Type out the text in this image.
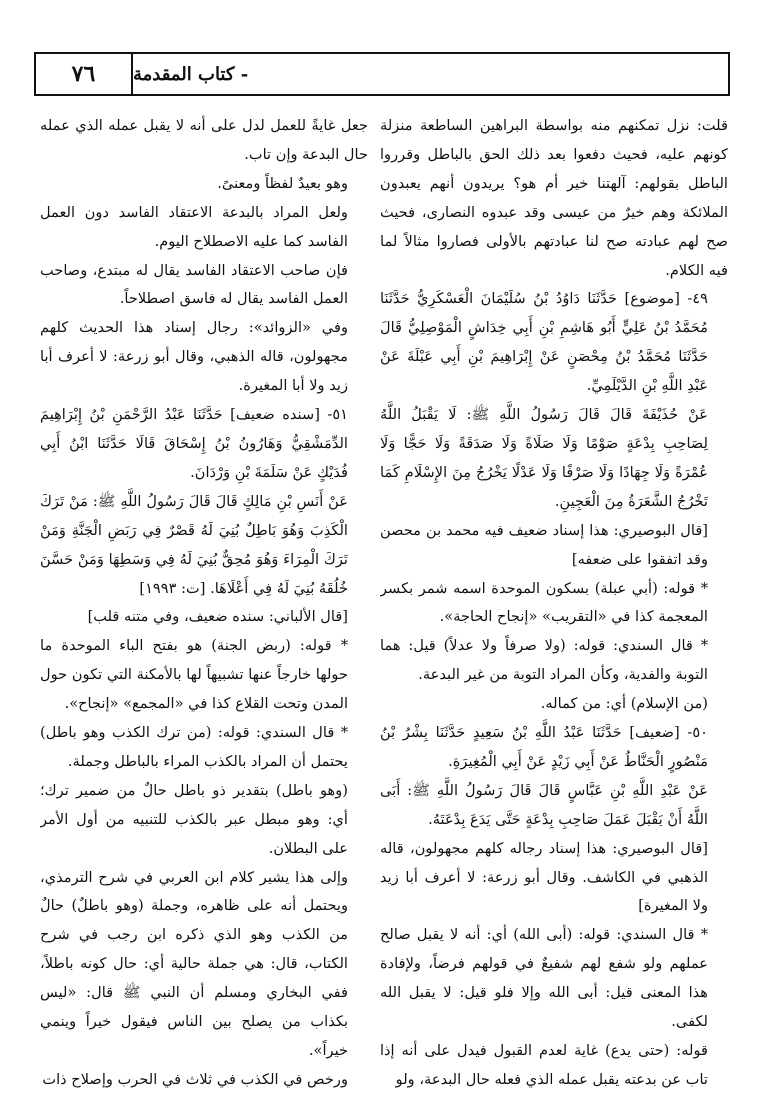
٧٦	- كتاب المقدمة

قلت: نزل تمكنهم منه بواسطة البراهين الساطعة منزلة كونهم عليه، فحيث دفعوا بعد ذلك الحق بالباطل وقرروا الباطل بقولهم: آلهتنا خير أم هو؟ يريدون أنهم يعبدون الملائكة وهم خيرٌ من عيسى وقد عبدوه النصارى، فحيث صح لهم عبادته صح لنا عبادتهم بالأولى فصاروا مثالاً لما فيه الكلام.

٤٩- [موضوع] حَدَّثَنَا دَاوُدُ بْنُ سُلَيْمَانَ الْعَسْكَرِيُّ حَدَّثَنَا مُحَمَّدُ بْنُ عَلِيٍّ أَبُو هَاشِمِ بْنِ أَبِي خِدَاشٍ الْمَوْصِلِيُّ قَالَ حَدَّثَنَا مُحَمَّدُ بْنُ مِحْصَنٍ عَنْ إِبْرَاهِيمَ بْنِ أَبِي عَبْلَةَ عَنْ عَبْدِ اللَّهِ بْنِ الدَّيْلَمِيِّ.

عَنْ حُذَيْفَةَ قَالَ قَالَ رَسُولُ اللَّهِ ﷺ: لَا يَقْبَلُ اللَّهُ لِصَاحِبِ بِدْعَةٍ صَوْمًا وَلَا صَلَاةً وَلَا صَدَقَةً وَلَا حَجًّا وَلَا عُمْرَةً وَلَا جِهَادًا وَلَا صَرْفًا وَلَا عَدْلًا يَخْرُجُ مِنَ الإِسْلَامِ كَمَا تَخْرُجُ الشَّعَرَةُ مِنَ الْعَجِينِ.

[قال البوصيري: هذا إسناد ضعيف فيه محمد بن محصن وقد اتفقوا على ضعفه]

* قوله: (أبي عبلة) بسكون الموحدة اسمه شمر بكسر المعجمة كذا في «التقريب» «إنجاح الحاجة».

* قال السندي: قوله: (ولا صرفاً ولا عدلاً) قيل: هما التوبة والفدية، وكأن المراد التوبة من غير البدعة.

(من الإسلام) أي: من كماله.

٥٠- [ضعيف] حَدَّثَنَا عَبْدُ اللَّهِ بْنُ سَعِيدٍ حَدَّثَنَا بِشْرُ بْنُ مَنْصُورٍ الْحَنَّاطُ عَنْ أَبِي زَيْدٍ عَنْ أَبِي الْمُغِيرَةِ.

عَنْ عَبْدِ اللَّهِ بْنِ عَبَّاسٍ قَالَ قَالَ رَسُولُ اللَّهِ ﷺ: أَبَى اللَّهُ أَنْ يَقْبَلَ عَمَلَ صَاحِبِ بِدْعَةٍ حَتَّى يَدَعَ بِدْعَتَهُ.

[قال البوصيري: هذا إسناد رجاله كلهم مجهولون، قاله الذهبي في الكاشف. وقال أبو زرعة: لا أعرف أبا زيد ولا المغيرة]

* قال السندي: قوله: (أبى الله) أي: أنه لا يقبل صالح عملهم ولو شفع لهم شفيعٌ في قولهم فرضاً، ولإفادة هذا المعنى قيل: أبى الله وإلا فلو قيل: لا يقبل الله لكفى.

قوله: (حتى يدع) غاية لعدم القبول فيدل على أنه إذا تاب عن بدعته يقبل عمله الذي فعله حال البدعة، ولو

جعل غايةً للعمل لدل على أنه لا يقبل عمله الذي عمله حال البدعة وإن تاب.

وهو بعيدٌ لفظاً ومعنىً.

ولعل المراد بالبدعة الاعتقاد الفاسد دون العمل الفاسد كما عليه الاصطلاح اليوم.

فإن صاحب الاعتقاد الفاسد يقال له مبتدع، وصاحب العمل الفاسد يقال له فاسق اصطلاحاً.

وفي «الزوائد»: رجال إسناد هذا الحديث كلهم مجهولون، قاله الذهبي، وقال أبو زرعة: لا أعرف أبا زيد ولا أبا المغيرة.

٥١- [سنده ضعيف] حَدَّثَنَا عَبْدُ الرَّحْمَنِ بْنُ إِبْرَاهِيمَ الدِّمَشْقِيُّ وَهَارُونُ بْنُ إِسْحَاقَ قَالَا حَدَّثَنَا ابْنُ أَبِي فُدَيْكٍ عَنْ سَلَمَةَ بْنِ وَرْدَانَ.

عَنْ أَنَسِ بْنِ مَالِكٍ قَالَ قَالَ رَسُولُ اللَّهِ ﷺ: مَنْ تَرَكَ الْكَذِبَ وَهُوَ بَاطِلٌ بُنِيَ لَهُ قَصْرٌ فِي رَبَضِ الْجَنَّةِ وَمَنْ تَرَكَ الْمِرَاءَ وَهُوَ مُحِقٌّ بُنِيَ لَهُ فِي وَسَطِهَا وَمَنْ حَسَّنَ خُلُقَهُ بُنِيَ لَهُ فِي أَعْلَاهَا. [ت: ١٩٩٣]

[قال الألباني: سنده ضعيف، وفي متنه قلب]

* قوله: (ربض الجنة) هو بفتح الباء الموحدة ما حولها خارجاً عنها تشبيهاً لها بالأمكنة التي تكون حول المدن وتحت القلاع كذا في «المجمع» «إنجاح».

* قال السندي: قوله: (من ترك الكذب وهو باطل) يحتمل أن المراد بالكذب المراء بالباطل وجملة.

(وهو باطل) بتقدير ذو باطل حالٌ من ضمير ترك؛ أي: وهو مبطل عبر بالكذب للتنبيه من أول الأمر على البطلان.

وإلى هذا يشير كلام ابن العربي في شرح الترمذي، ويحتمل أنه على ظاهره، وجملة (وهو باطلٌ) حالٌ من الكذب وهو الذي ذكره ابن رجب في شرح الكتاب، قال: هي جملة حالية أي: حال كونه باطلاً، ففي البخاري ومسلم أن النبي ﷺ قال: «ليس بكذاب من يصلح بين الناس فيقول خيراً وينمي خيراً».

ورخص في الكذب في ثلاث في الحرب وإصلاح ذات
